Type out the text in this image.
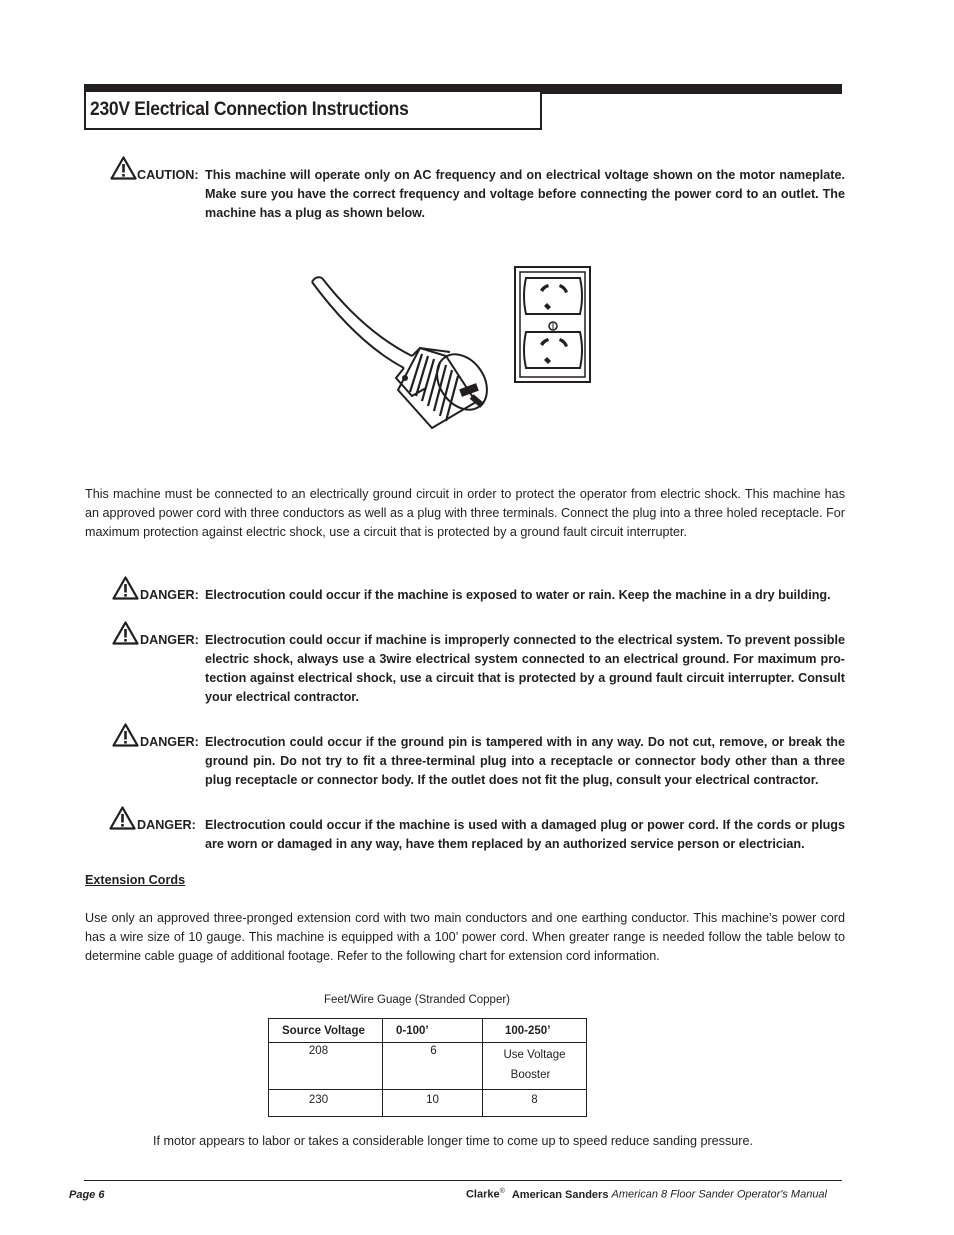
230V Electrical Connection Instructions
CAUTION: This machine will operate only on AC frequency and on electrical voltage shown on the motor nameplate. Make sure you have the correct frequency and voltage before connecting the power cord to an outlet. The machine has a plug as shown below.
This machine must be connected to an electrically ground circuit in order to protect the operator from electric shock. This machine has an approved power cord with three conductors as well as a plug with three terminals. Connect the plug into a three holed receptacle. For maximum protection against electric shock, use a circuit that is protected by a ground fault circuit interrupter.
DANGER: Electrocution could occur if the machine is exposed to water or rain. Keep the machine in a dry building.
DANGER: Electrocution could occur if machine is improperly connected to the electrical system. To prevent possible electric shock, always use a 3wire electrical system connected to an electrical ground. For maximum pro-tection against electrical shock, use a circuit that is protected by a ground fault circuit interrupter. Consult your electrical contractor.
DANGER: Electrocution could occur if the ground pin is tampered with in any way. Do not cut, remove, or break the ground pin. Do not try to fit a three-terminal plug into a receptacle or connector body other than a three plug receptacle or connector body. If the outlet does not fit the plug, consult your electrical contractor.
DANGER: Electrocution could occur if the machine is used with a damaged plug or power cord. If the cords or plugs are worn or damaged in any way, have them replaced by an authorized service person or electrician.
Extension Cords
Use only an approved three-pronged extension cord with two main conductors and one earthing conductor. This machine’s power cord has a wire size of 10 gauge. This machine is equipped with a 100’ power cord. When greater range is needed follow the table below to determine cable guage of additional footage. Refer to the following chart for extension cord information.
Feet/Wire Guage (Stranded Copper)
Source Voltage	0-100’	100-250’
208	6	Use Voltage
Booster

230	10	8
If motor appears to labor or takes a considerable longer time to come up to speed reduce sanding pressure.
Page 6	Clarke® American Sanders American 8 Floor Sander Operator's Manual
